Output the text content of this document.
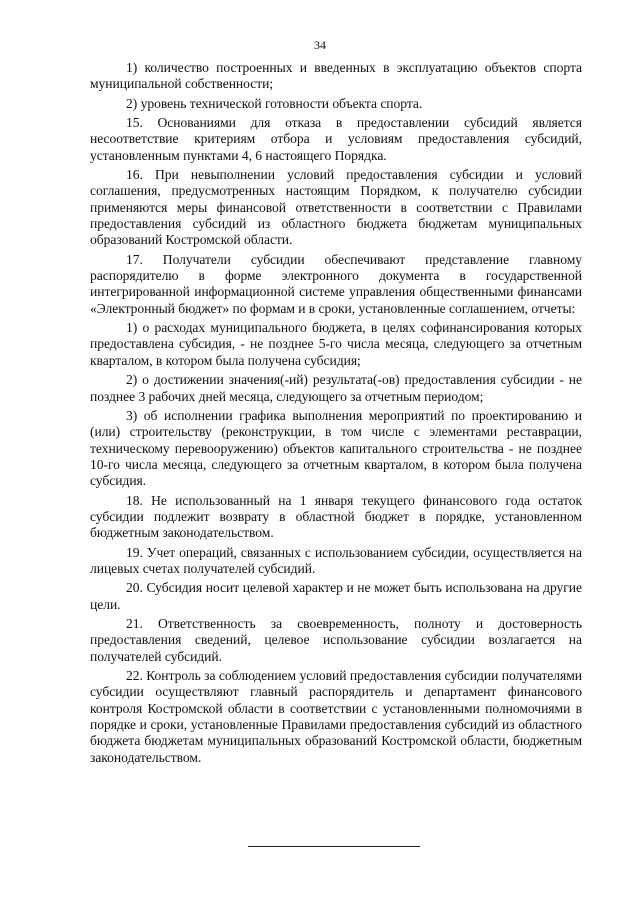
34

1) количество построенных и введенных в эксплуатацию объектов спорта муниципальной собственности;

2) уровень технической готовности объекта спорта.

15. Основаниями для отказа в предоставлении субсидий является несоответствие критериям отбора и условиям предоставления субсидий, установленным пунктами 4, 6 настоящего Порядка.

16. При невыполнении условий предоставления субсидии и условий соглашения, предусмотренных настоящим Порядком, к получателю субсидии применяются меры финансовой ответственности в соответствии с Правилами предоставления субсидий из областного бюджета бюджетам муниципальных образований Костромской области.

17. Получатели субсидии обеспечивают представление главному распорядителю в форме электронного документа в государственной интегрированной информационной системе управления общественными финансами «Электронный бюджет» по формам и в сроки, установленные соглашением, отчеты:

1) о расходах муниципального бюджета, в целях софинансирования которых предоставлена субсидия, - не позднее 5-го числа месяца, следующего за отчетным кварталом, в котором была получена субсидия;

2) о достижении значения(-ий) результата(-ов) предоставления субсидии - не позднее 3 рабочих дней месяца, следующего за отчетным периодом;

3) об исполнении графика выполнения мероприятий по проектированию и (или) строительству (реконструкции, в том числе с элементами реставрации, техническому перевооружению) объектов капитального строительства - не позднее 10-го числа месяца, следующего за отчетным кварталом, в котором была получена субсидия.

18. Не использованный на 1 января текущего финансового года остаток субсидии подлежит возврату в областной бюджет в порядке, установленном бюджетным законодательством.

19. Учет операций, связанных с использованием субсидии, осуществляется на лицевых счетах получателей субсидий.

20. Субсидия носит целевой характер и не может быть использована на другие цели.

21. Ответственность за своевременность, полноту и достоверность предоставления сведений, целевое использование субсидии возлагается на получателей субсидий.

22. Контроль за соблюдением условий предоставления субсидии получателями субсидии осуществляют главный распорядитель и департамент финансового контроля Костромской области в соответствии с установленными полномочиями в порядке и сроки, установленные Правилами предоставления субсидий из областного бюджета бюджетам муниципальных образований Костромской области, бюджетным законодательством.
